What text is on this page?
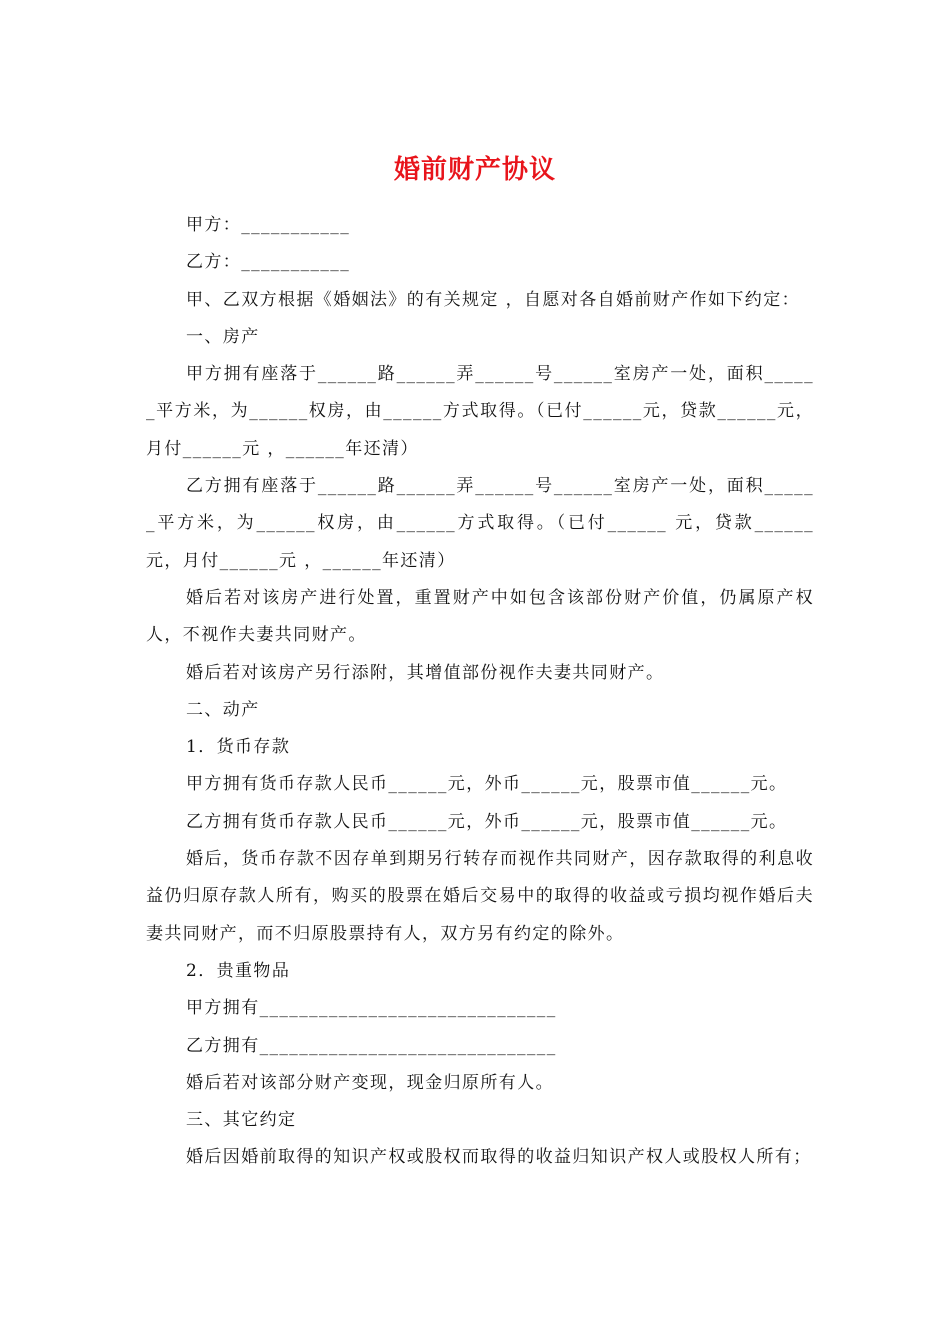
婚前财产协议

甲方：___________

乙方：___________

甲、乙双方根据《婚姻法》的有关规定 ，自愿对各自婚前财产作如下约定：

一、房产

甲方拥有座落于______路______弄______号______室房产一处，面积______平方米，为______权房，由______方式取得。（已付______元，贷款______元，月付______元 ，______年还清）

乙方拥有座落于______路______弄______号______室房产一处，面积______平方米，为______权房，由______方式取得。（已付______ 元，贷款______元，月付______元 ，______年还清）

婚后若对该房产进行处置，重置财产中如包含该部份财产价值，仍属原产权人，不视作夫妻共同财产。

婚后若对该房产另行添附，其增值部份视作夫妻共同财产。

二、动产

1．货币存款

甲方拥有货币存款人民币______元，外币______元，股票市值______元。

乙方拥有货币存款人民币______元，外币______元，股票市值______元。

婚后，货币存款不因存单到期另行转存而视作共同财产，因存款取得的利息收益仍归原存款人所有，购买的股票在婚后交易中的取得的收益或亏损均视作婚后夫妻共同财产，而不归原股票持有人，双方另有约定的除外。

2．贵重物品

甲方拥有______________________________

乙方拥有______________________________

婚后若对该部分财产变现，现金归原所有人。

三、其它约定

婚后因婚前取得的知识产权或股权而取得的收益归知识产权人或股权人所有；
